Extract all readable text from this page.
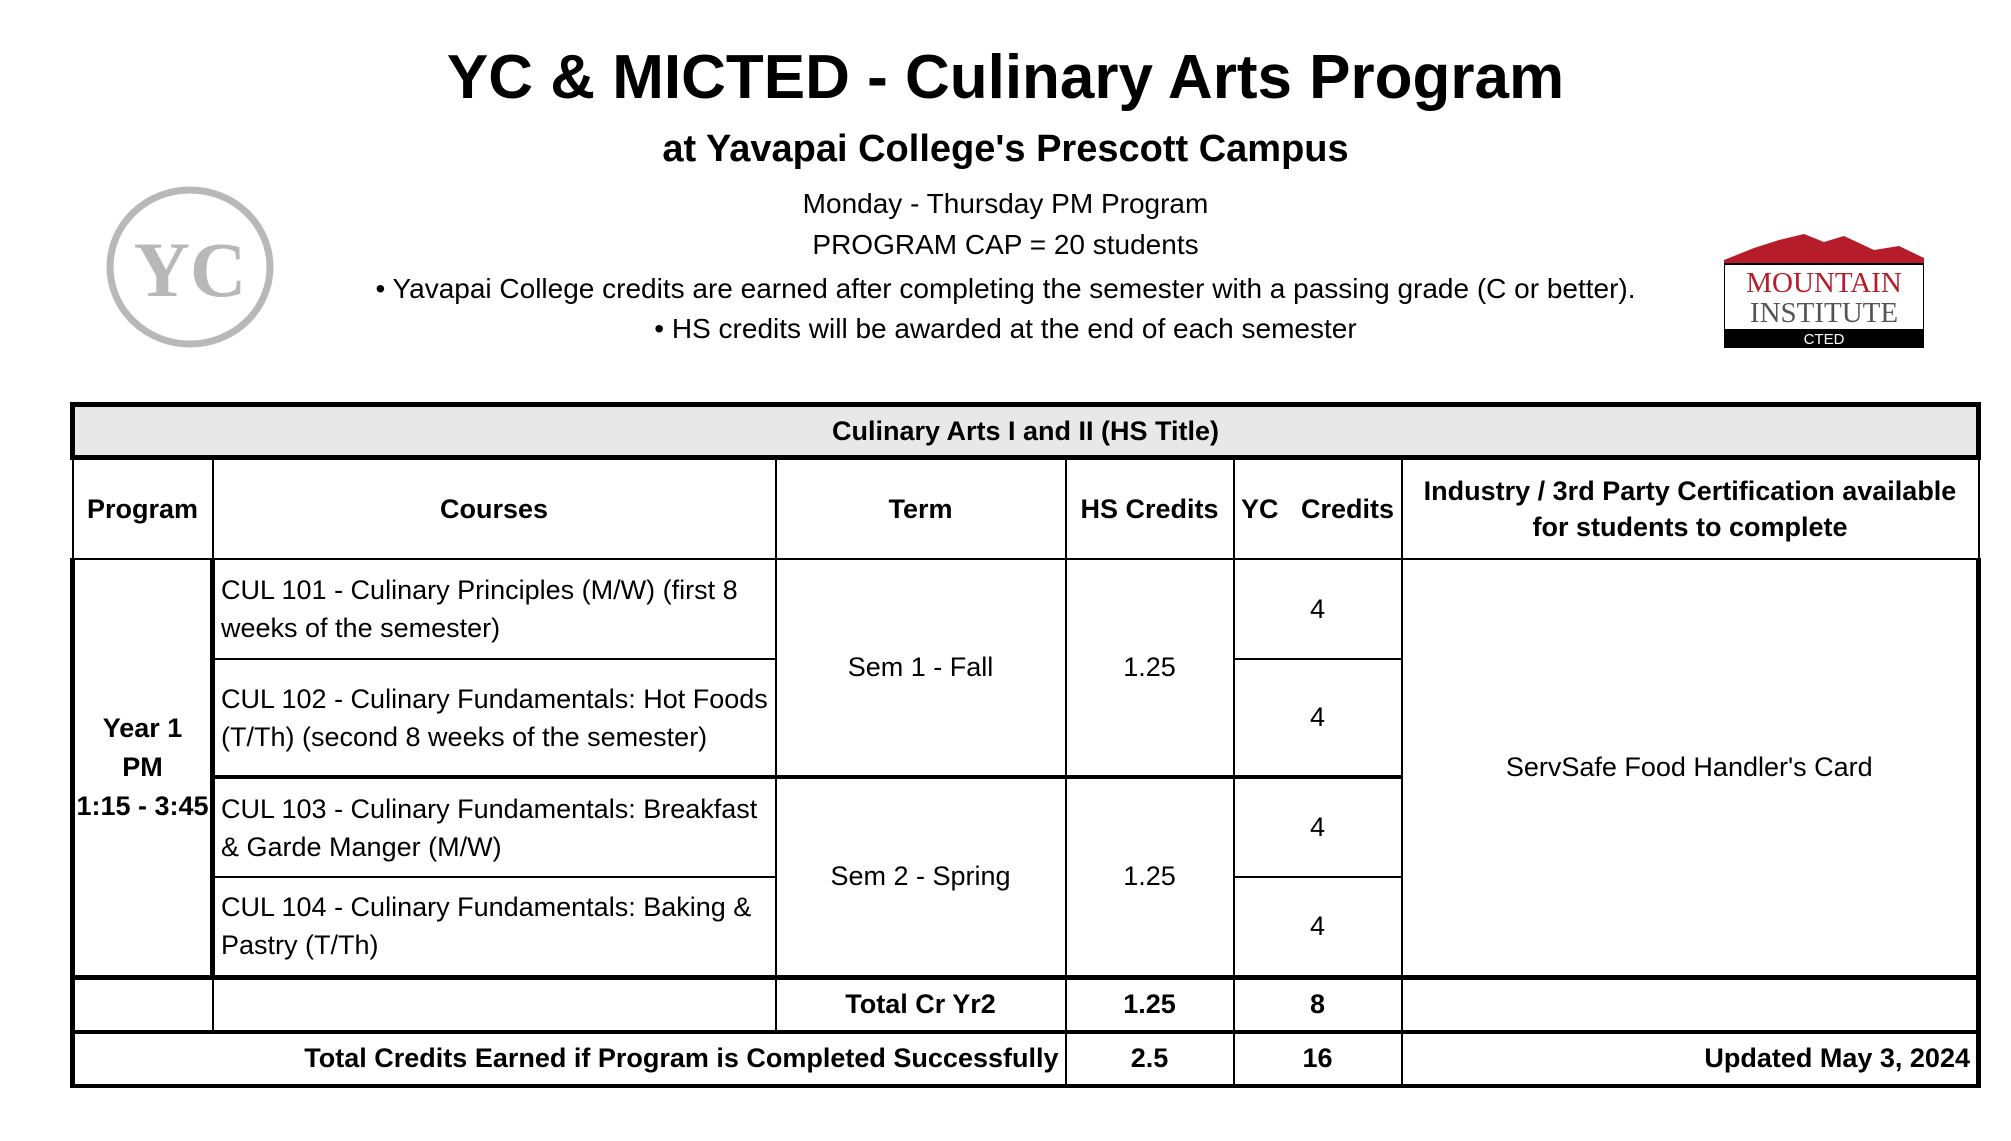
YC & MICTED - Culinary Arts Program
at Yavapai College's Prescott Campus
Monday - Thursday PM Program
PROGRAM CAP = 20 students
• Yavapai College credits are earned after completing the semester with a passing grade (C or better).
• HS credits will be awarded at the end of each semester
YC	MOUNTAIN
INSTITUTE
CTED
Culinary Arts I and II (HS Title)					
Program	Courses	Term	HS Credits	YC   Credits	Industry / 3rd Party Certification available for students to complete

Year 1
PM
1:15 - 3:45	CUL 101 - Culinary Principles (M/W) (first 8 weeks of the semester)	Sem 1 - Fall	1.25	4	ServSafe Food Handler's Card
	CUL 102 - Culinary Fundamentals: Hot Foods (T/Th) (second 8 weeks of the semester)			4	
	CUL 103 - Culinary Fundamentals: Breakfast & Garde Manger (M/W)	Sem 2 - Spring	1.25	4	
	CUL 104 - Culinary Fundamentals: Baking & Pastry (T/Th)			4	
		Total Cr Yr2	1.25	8	
Total Credits Earned if Program is Completed Successfully			2.5	16	Updated May 3, 2024
